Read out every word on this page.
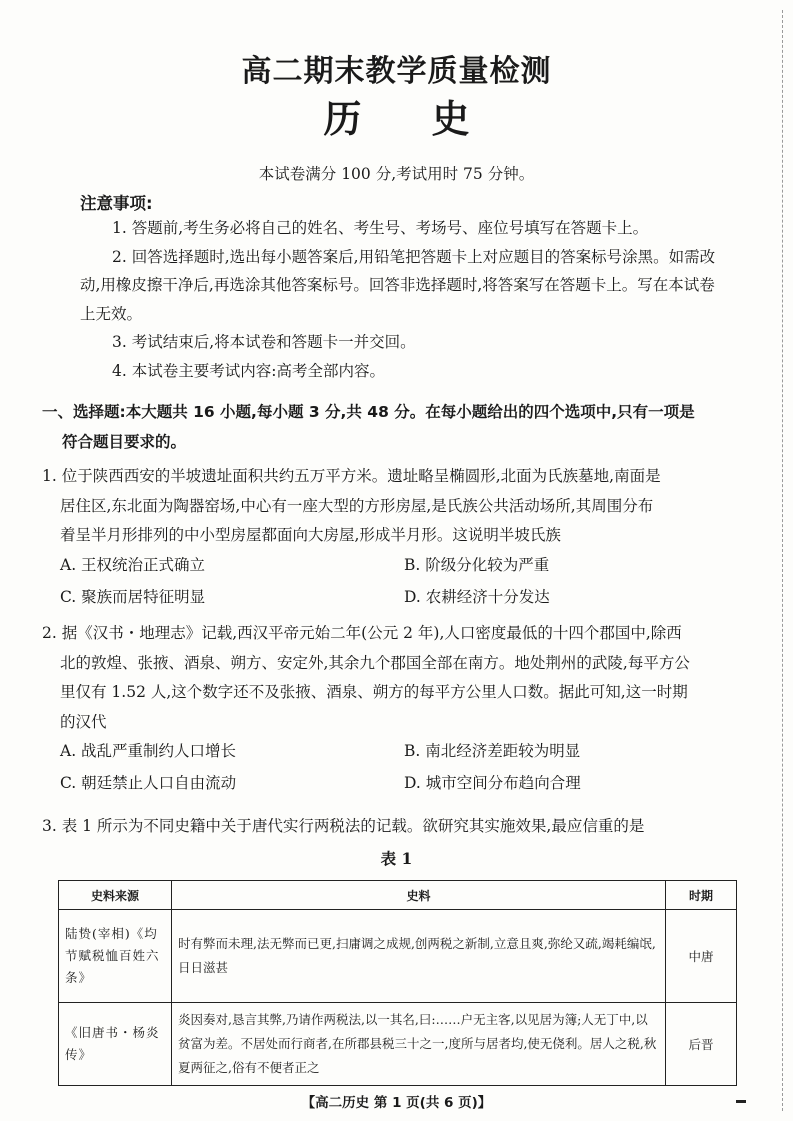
高二期末教学质量检测
历 史
本试卷满分 100 分,考试用时 75 分钟。
注意事项:

1. 答题前,考生务必将自己的姓名、考生号、考场号、座位号填写在答题卡上。

2. 回答选择题时,选出每小题答案后,用铅笔把答题卡上对应题目的答案标号涂黑。如需改动,用橡皮擦干净后,再选涂其他答案标号。回答非选择题时,将答案写在答题卡上。写在本试卷上无效。

3. 考试结束后,将本试卷和答题卡一并交回。

4. 本试卷主要考试内容:高考全部内容。

一、选择题:本大题共 16 小题,每小题 3 分,共 48 分。在每小题给出的四个选项中,只有一项是
符合题目要求的。

1. 位于陕西西安的半坡遗址面积共约五万平方米。遗址略呈椭圆形,北面为氏族墓地,南面是

居住区,东北面为陶器窑场,中心有一座大型的方形房屋,是氏族公共活动场所,其周围分布

着呈半月形排列的中小型房屋都面向大房屋,形成半月形。这说明半坡氏族

A. 王权统治正式确立	B. 阶级分化较为严重
C. 聚族而居特征明显	D. 农耕经济十分发达

2. 据《汉书・地理志》记载,西汉平帝元始二年(公元 2 年),人口密度最低的十四个郡国中,除西

北的敦煌、张掖、酒泉、朔方、安定外,其余九个郡国全部在南方。地处荆州的武陵,每平方公

里仅有 1.52 人,这个数字还不及张掖、酒泉、朔方的每平方公里人口数。据此可知,这一时期

的汉代

A. 战乱严重制约人口增长	B. 南北经济差距较为明显
C. 朝廷禁止人口自由流动	D. 城市空间分布趋向合理

3. 表 1 所示为不同史籍中关于唐代实行两税法的记载。欲研究其实施效果,最应信重的是

表 1
史料来源	史料	时期
陆贽(宰相)《均节赋税恤百姓六条》	时有弊而未理,法无弊而已更,扫庸调之成规,创两税之新制,立意且爽,弥纶又疏,竭耗编氓,日日滋甚	中唐
《旧唐书・杨炎传》	炎因奏对,恳言其弊,乃请作两税法,以一其名,曰:……户无主客,以见居为簿;人无丁中,以贫富为差。不居处而行商者,在所郡县税三十之一,度所与居者均,使无侥利。居人之税,秋夏两征之,俗有不便者正之	后晋
【高二历史 第 1 页(共 6 页)】
